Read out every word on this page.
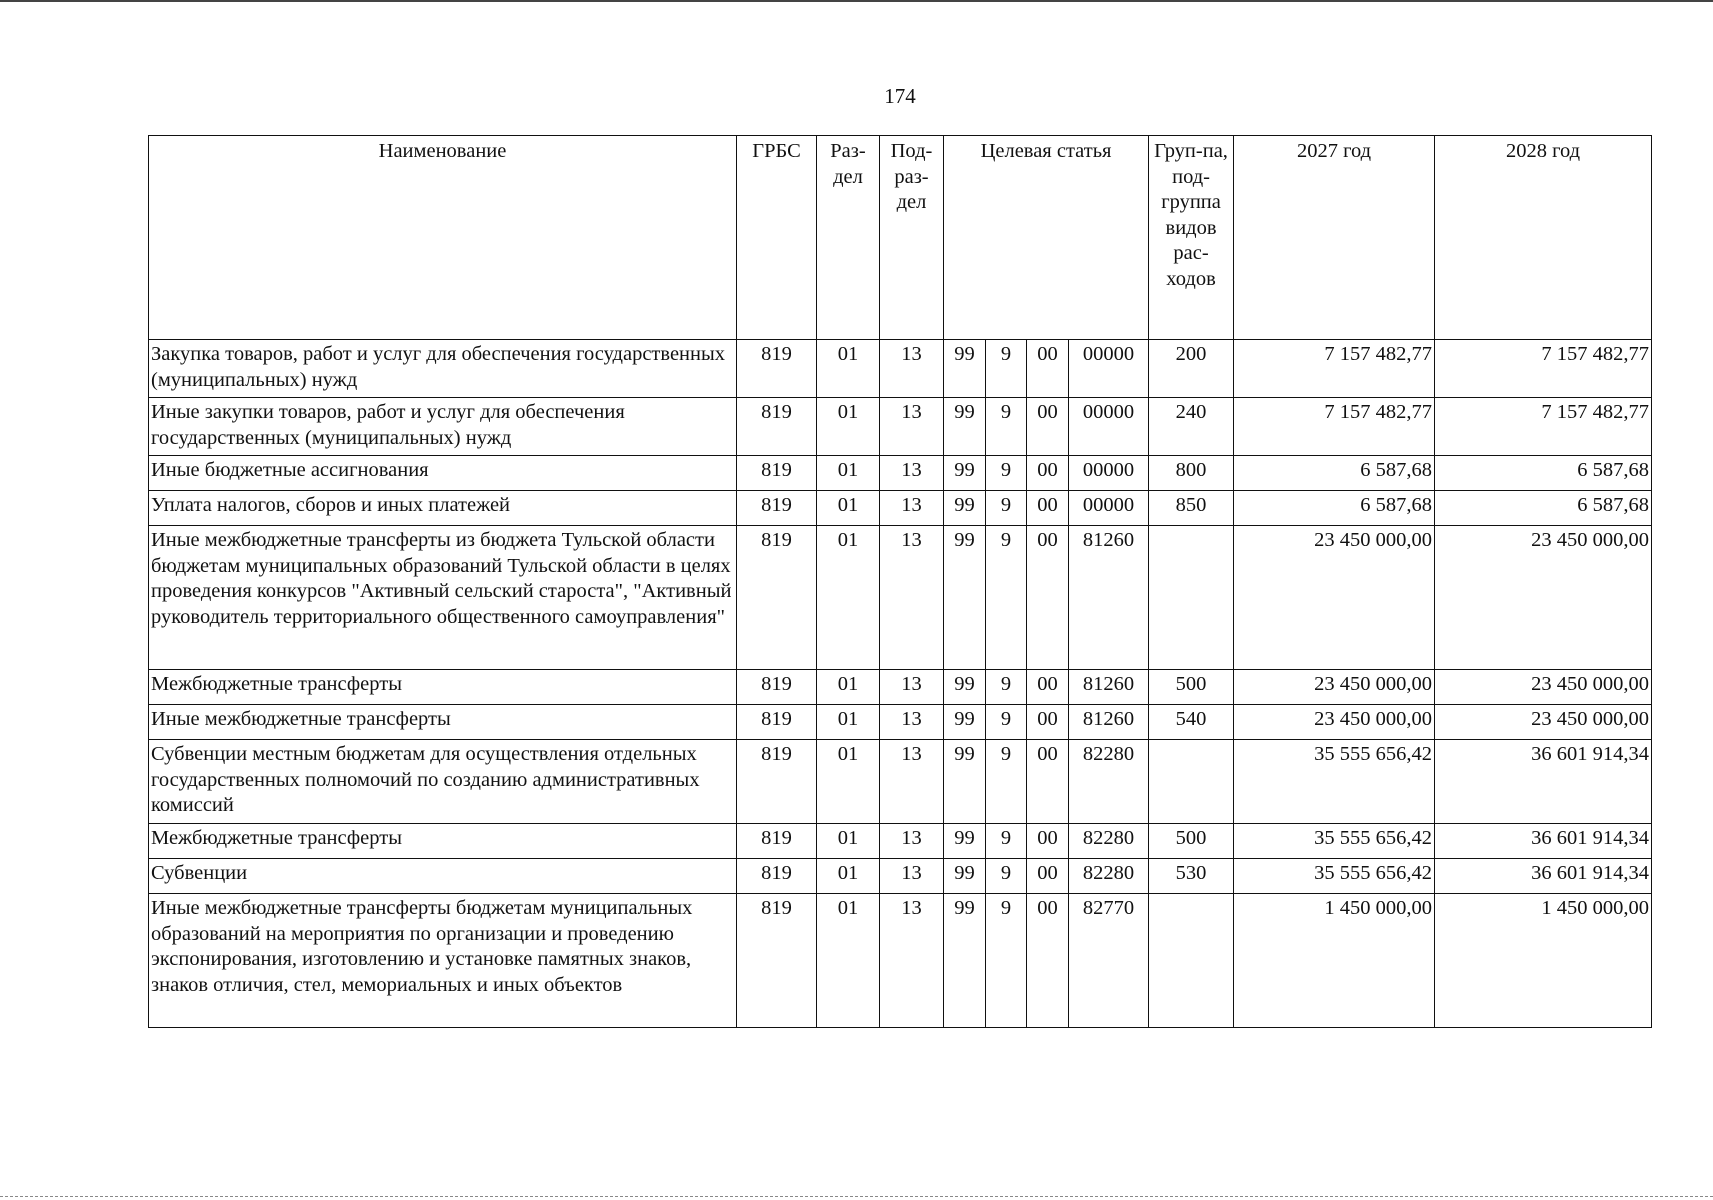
174
Наименование	ГРБС	Раз-дел	Под-раз-дел	Целевая статья				Груп-па, под-группа видов рас-ходов	2027 год	2028 год
Закупка товаров, работ и услуг для обеспечения государственных (муниципальных) нужд	819	01	13	99	9	00	00000	200	7 157 482,77	7 157 482,77
Иные закупки товаров, работ и услуг для обеспечения государственных (муниципальных) нужд	819	01	13	99	9	00	00000	240	7 157 482,77	7 157 482,77
Иные бюджетные ассигнования	819	01	13	99	9	00	00000	800	6 587,68	6 587,68
Уплата налогов, сборов и иных платежей	819	01	13	99	9	00	00000	850	6 587,68	6 587,68
Иные межбюджетные трансферты из бюджета Тульской области бюджетам муниципальных образований Тульской области в целях проведения конкурсов "Активный сельский староста", "Активный руководитель территориального общественного самоуправления"	819	01	13	99	9	00	81260		23 450 000,00	23 450 000,00
Межбюджетные трансферты	819	01	13	99	9	00	81260	500	23 450 000,00	23 450 000,00
Иные межбюджетные трансферты	819	01	13	99	9	00	81260	540	23 450 000,00	23 450 000,00
Субвенции местным бюджетам для осуществления отдельных государственных полномочий по созданию административных комиссий	819	01	13	99	9	00	82280		35 555 656,42	36 601 914,34
Межбюджетные трансферты	819	01	13	99	9	00	82280	500	35 555 656,42	36 601 914,34
Субвенции	819	01	13	99	9	00	82280	530	35 555 656,42	36 601 914,34
Иные межбюджетные трансферты бюджетам муниципальных образований на мероприятия по организации и проведению экспонирования, изготовлению и установке памятных знаков, знаков отличия, стел, мемориальных и иных объектов	819	01	13	99	9	00	82770		1 450 000,00	1 450 000,00
